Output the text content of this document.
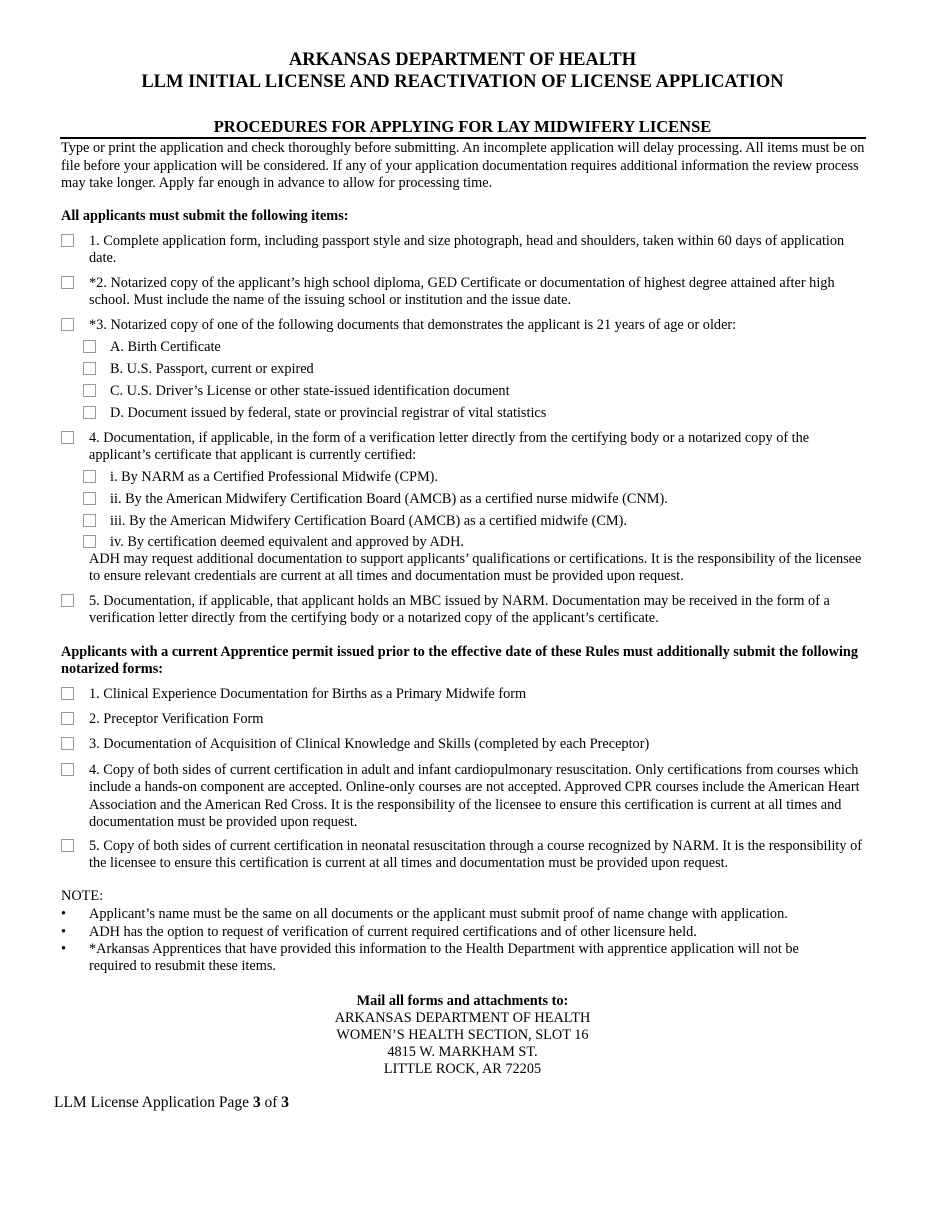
ARKANSAS DEPARTMENT OF HEALTH
LLM INITIAL LICENSE AND REACTIVATION OF LICENSE APPLICATION
PROCEDURES FOR APPLYING FOR LAY MIDWIFERY LICENSE
Type or print the application and check thoroughly before submitting. An incomplete application will delay processing. All items must be on file before your application will be considered. If any of your application documentation requires additional information the review process may take longer. Apply far enough in advance to allow for processing time.
All applicants must submit the following items:
1. Complete application form, including passport style and size photograph, head and shoulders, taken within 60 days of application date.
*2. Notarized copy of the applicant’s high school diploma, GED Certificate or documentation of highest degree attained after high school. Must include the name of the issuing school or institution and the issue date.
*3. Notarized copy of one of the following documents that demonstrates the applicant is 21 years of age or older:
A. Birth Certificate
B. U.S. Passport, current or expired
C. U.S. Driver’s License or other state-issued identification document
D. Document issued by federal, state or provincial registrar of vital statistics
4. Documentation, if applicable, in the form of a verification letter directly from the certifying body or a notarized copy of the applicant’s certificate that applicant is currently certified:
i. By NARM as a Certified Professional Midwife (CPM).
ii. By the American Midwifery Certification Board (AMCB) as a certified nurse midwife (CNM).
iii. By the American Midwifery Certification Board (AMCB) as a certified midwife (CM).
iv. By certification deemed equivalent and approved by ADH.
ADH may request additional documentation to support applicants’ qualifications or certifications. It is the responsibility of the licensee to ensure relevant credentials are current at all times and documentation must be provided upon request.
5. Documentation, if applicable, that applicant holds an MBC issued by NARM. Documentation may be received in the form of a verification letter directly from the certifying body or a notarized copy of the applicant’s certificate.
Applicants with a current Apprentice permit issued prior to the effective date of these Rules must additionally submit the following notarized forms:
1. Clinical Experience Documentation for Births as a Primary Midwife form
2. Preceptor Verification Form
3. Documentation of Acquisition of Clinical Knowledge and Skills (completed by each Preceptor)
4. Copy of both sides of current certification in adult and infant cardiopulmonary resuscitation. Only certifications from courses which include a hands-on component are accepted. Online-only courses are not accepted. Approved CPR courses include the American Heart Association and the American Red Cross. It is the responsibility of the licensee to ensure this certification is current at all times and documentation must be provided upon request.
5. Copy of both sides of current certification in neonatal resuscitation through a course recognized by NARM. It is the responsibility of the licensee to ensure this certification is current at all times and documentation must be provided upon request.
NOTE:
• Applicant’s name must be the same on all documents or the applicant must submit proof of name change with application.
• ADH has the option to request of verification of current required certifications and of other licensure held.
• *Arkansas Apprentices that have provided this information to the Health Department with apprentice application will not be required to resubmit these items.
Mail all forms and attachments to:
ARKANSAS DEPARTMENT OF HEALTH
WOMEN’S HEALTH SECTION, SLOT 16
4815 W. MARKHAM ST.
LITTLE ROCK, AR 72205
LLM License Application Page 3 of 3
